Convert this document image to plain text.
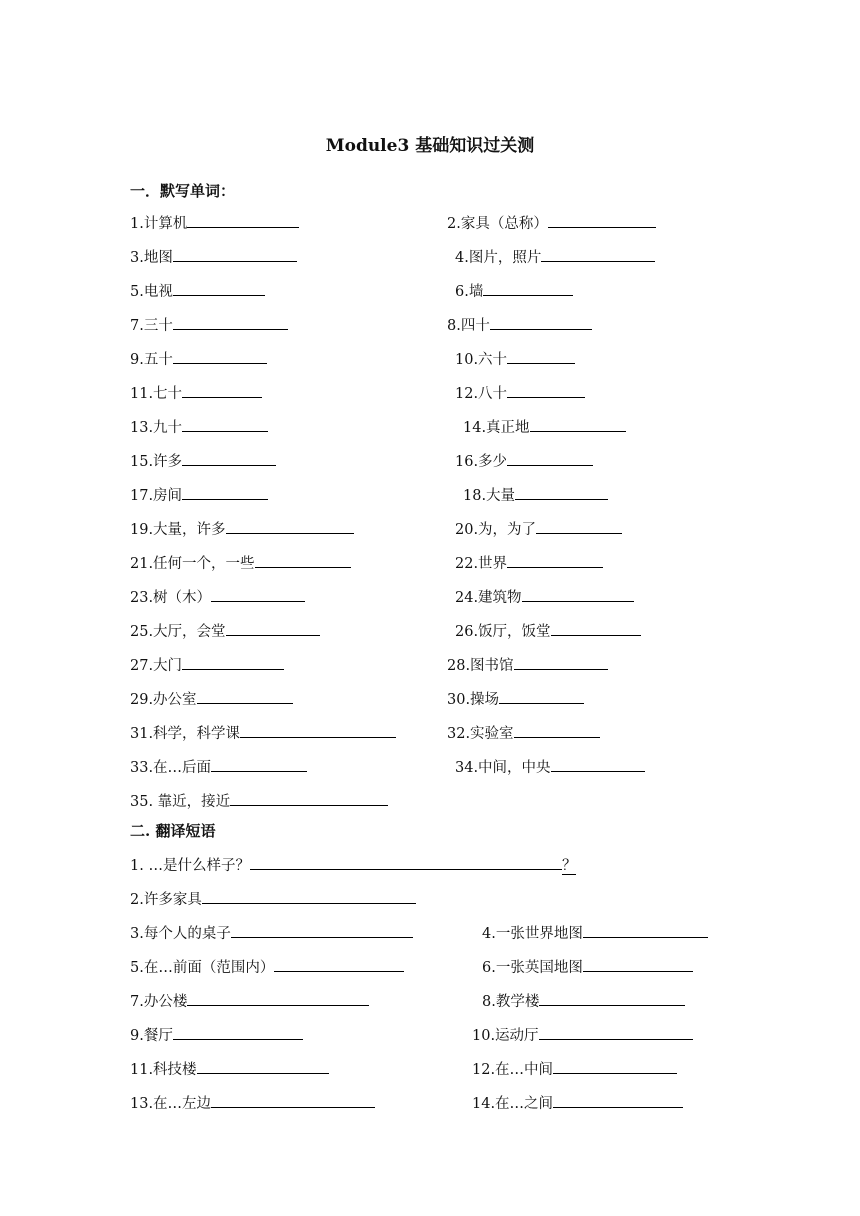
Module3 基础知识过关测
一．默写单词：
1.计算机	2.家具（总称）
3.地图	4.图片，照片
5.电视	6.墙
7.三十	8.四十
9.五十	10.六十
11.七十	12.八十
13.九十	14.真正地
15.许多	16.多少
17.房间	18.大量
19.大量，许多	20.为，为了
21.任何一个，一些	22.世界
23.树（木）	24.建筑物
25.大厅，会堂	26.饭厅，饭堂
27.大门	28.图书馆
29.办公室	30.操场
31.科学，科学课	32.实验室
33.在…后面	34.中间，中央
35. 靠近，接近
二. 翻译短语
1. …是什么样子？	？
2.许多家具
3.每个人的桌子	4.一张世界地图
5.在…前面（范围内）	6.一张英国地图
7.办公楼	8.教学楼
9.餐厅	10.运动厅
11.科技楼	12.在…中间
13.在…左边	14.在…之间
